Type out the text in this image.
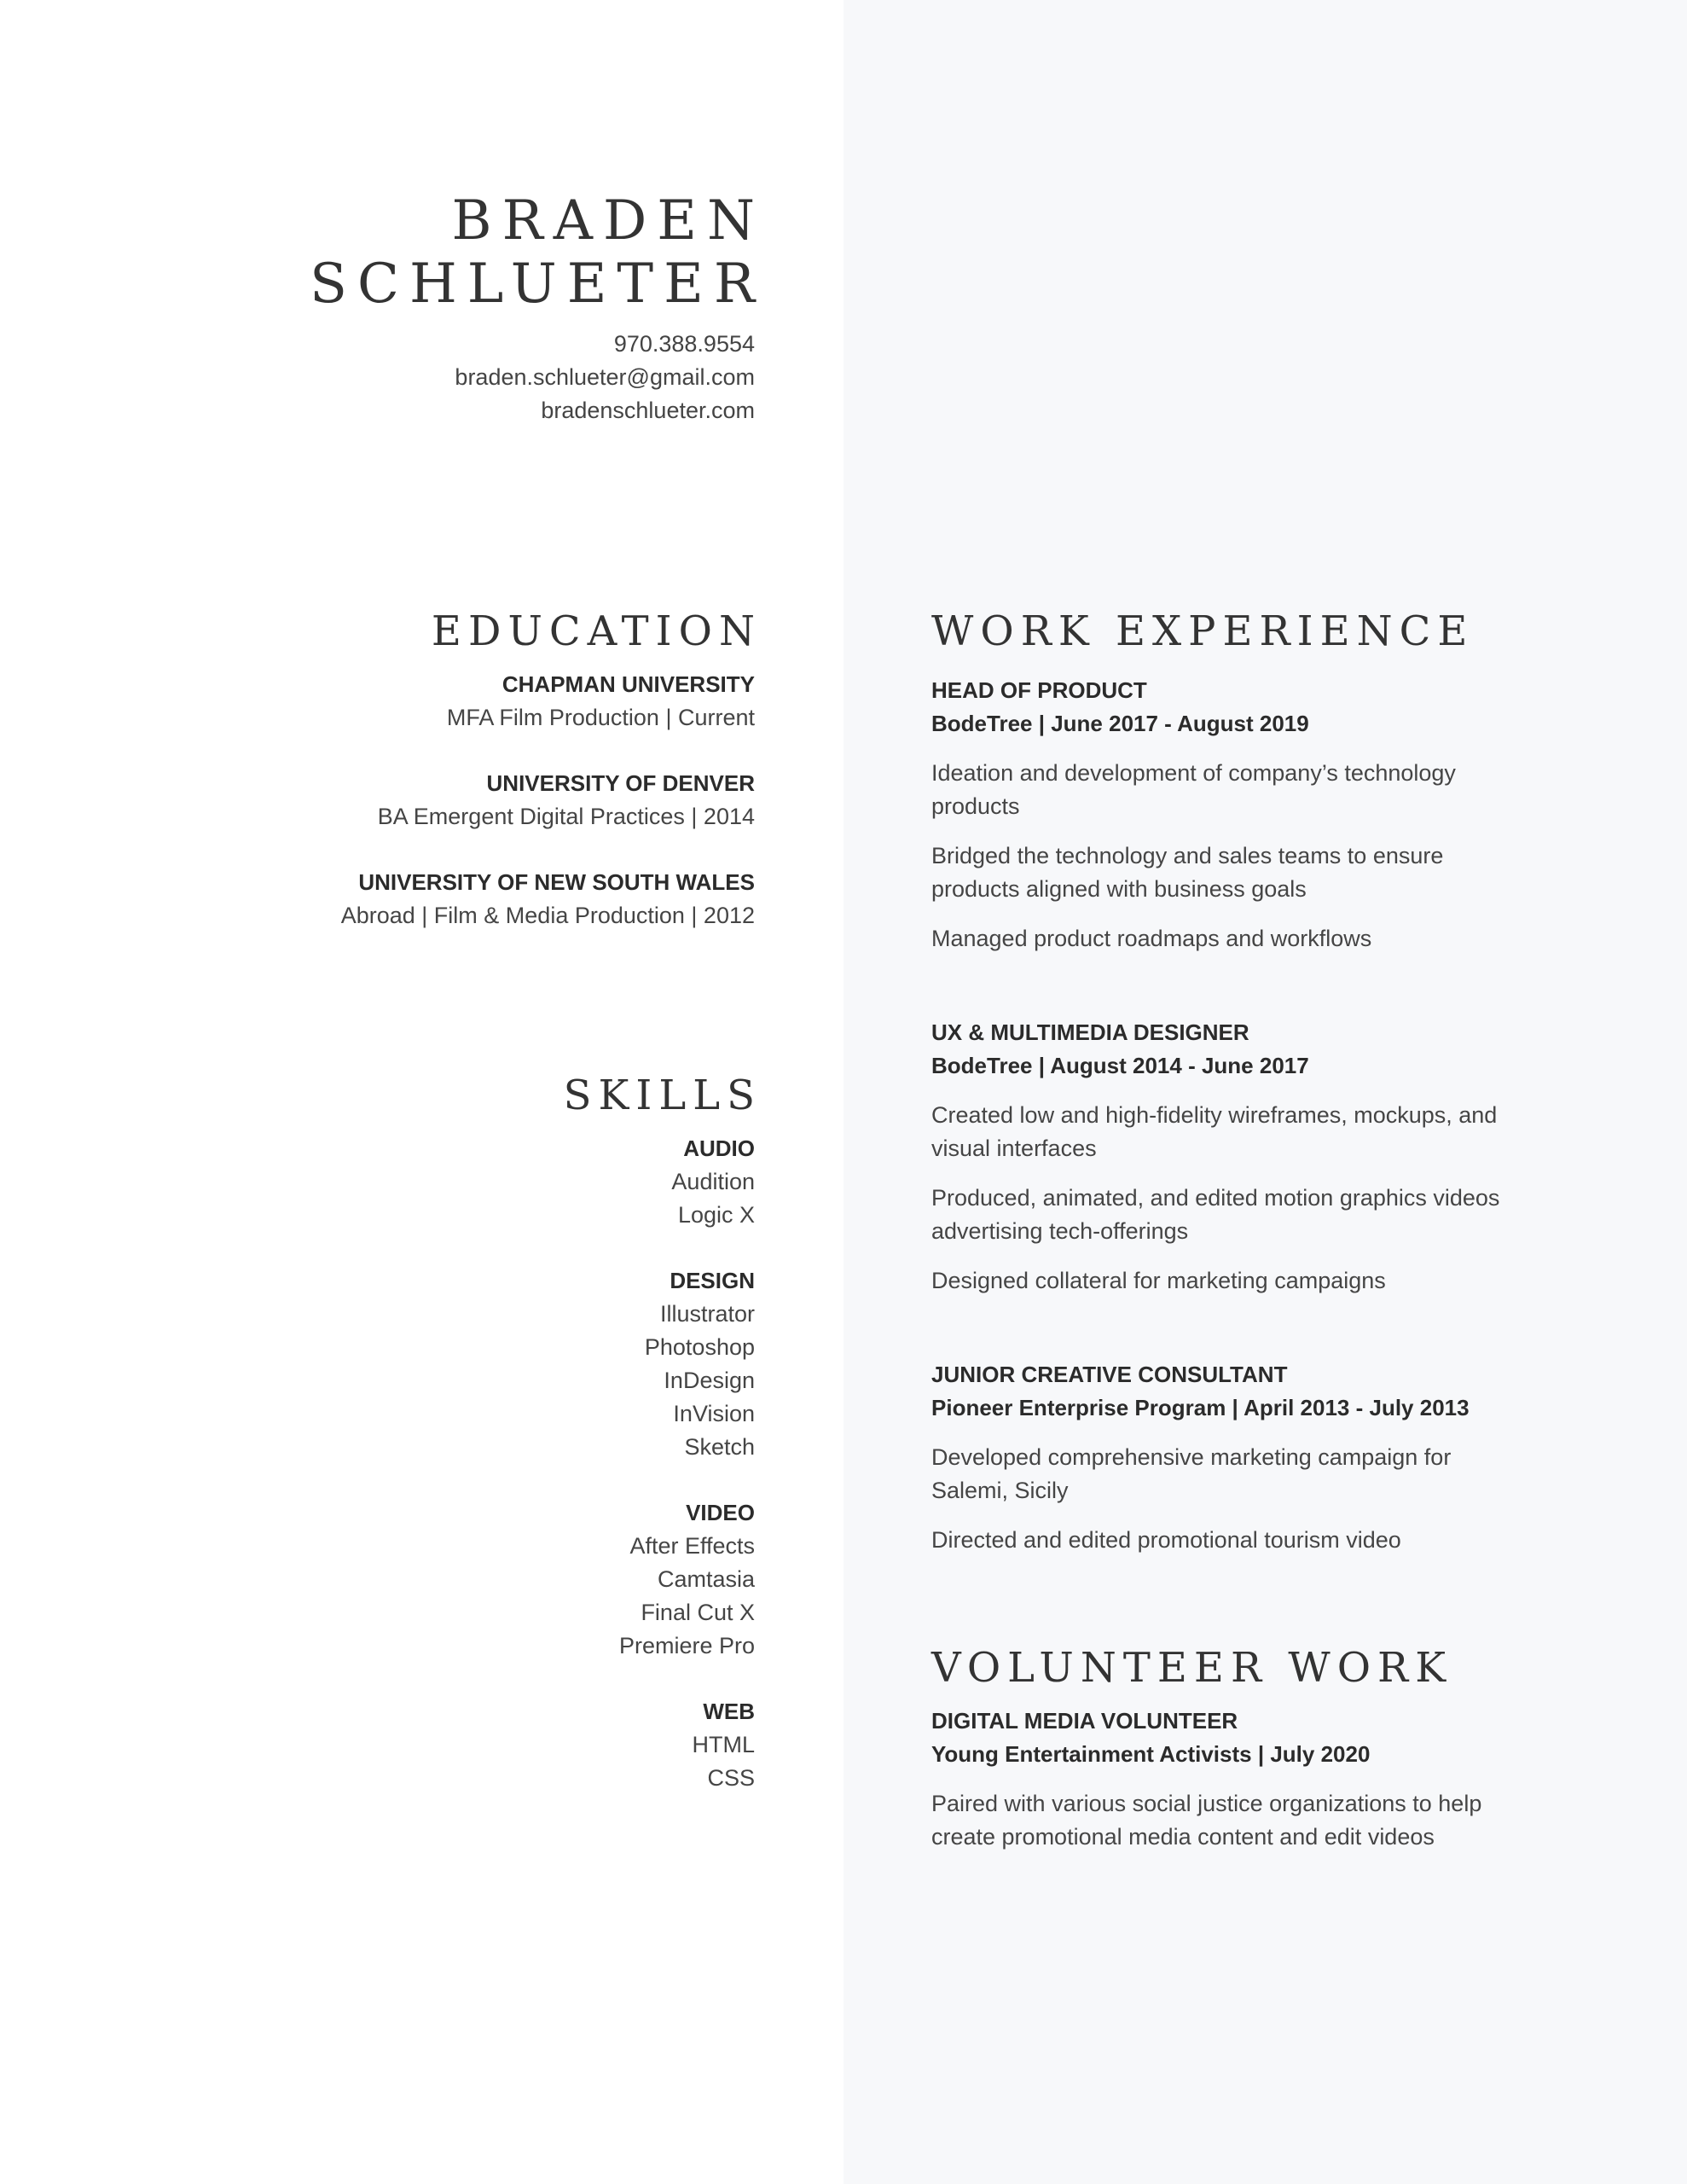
BRADEN
SCHLUETER
970.388.9554
braden.schlueter@gmail.com
bradenschlueter.com
EDUCATION
CHAPMAN UNIVERSITY
MFA Film Production | Current
UNIVERSITY OF DENVER
BA Emergent Digital Practices | 2014
UNIVERSITY OF NEW SOUTH WALES
Abroad | Film & Media Production | 2012
SKILLS
AUDIO
Audition
Logic X
DESIGN
Illustrator
Photoshop
InDesign
InVision
Sketch
VIDEO
After Effects
Camtasia
Final Cut X
Premiere Pro
WEB
HTML
CSS
WORK EXPERIENCE
HEAD OF PRODUCT
BodeTree | June 2017 - August 2019
Ideation and development of company’s technology products
Bridged the technology and sales teams to ensure products aligned with business goals
Managed product roadmaps and workflows
UX & MULTIMEDIA DESIGNER
BodeTree | August 2014 - June 2017
Created low and high-fidelity wireframes, mockups, and visual interfaces
Produced, animated, and edited motion graphics videos advertising tech-offerings
Designed collateral for marketing campaigns
JUNIOR CREATIVE CONSULTANT
Pioneer Enterprise Program | April 2013 - July 2013
Developed comprehensive marketing campaign for Salemi, Sicily
Directed and edited promotional tourism video
VOLUNTEER WORK
DIGITAL MEDIA VOLUNTEER
Young Entertainment Activists | July 2020
Paired with various social justice organizations to help create promotional media content and edit videos
